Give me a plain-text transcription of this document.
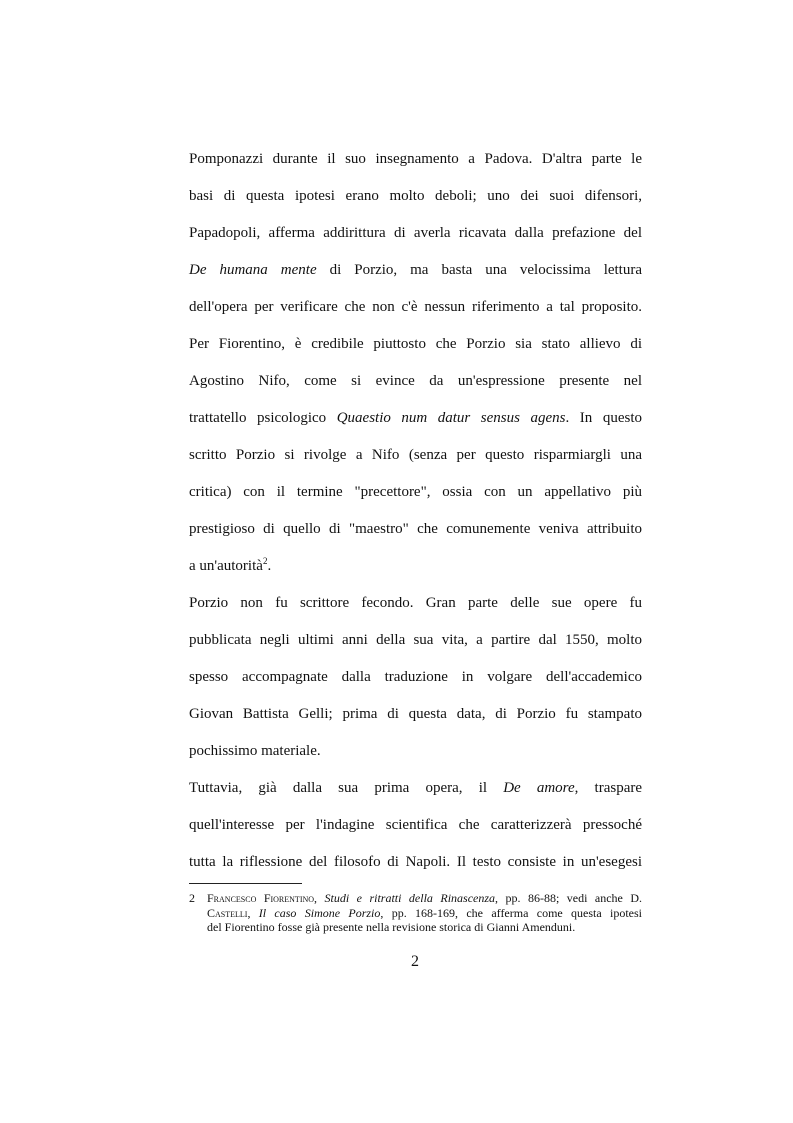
Pomponazzi durante il suo insegnamento a Padova. D'altra parte le
basi di questa ipotesi erano molto deboli; uno dei suoi difensori,
Papadopoli, afferma addirittura di averla ricavata dalla prefazione del
De humana mente di Porzio, ma basta una velocissima lettura
dell'opera per verificare che non c'è nessun riferimento a tal proposito.
Per Fiorentino, è credibile piuttosto che Porzio sia stato allievo di
Agostino Nifo, come si evince da un'espressione presente nel
trattatello psicologico Quaestio num datur sensus agens. In questo
scritto Porzio si rivolge a Nifo (senza per questo risparmiargli una
critica) con il termine "precettore", ossia con un appellativo più
prestigioso di quello di "maestro" che comunemente veniva attribuito
a un'autorità$^2$.
Porzio non fu scrittore fecondo. Gran parte delle sue opere fu
pubblicata negli ultimi anni della sua vita, a partire dal 1550, molto
spesso accompagnate dalla traduzione in volgare dell'accademico
Giovan Battista Gelli; prima di questa data, di Porzio fu stampato
pochissimo materiale.
Tuttavia, già dalla sua prima opera, il De amore, traspare
quell'interesse per l'indagine scientifica che caratterizzerà pressoché
tutta la riflessione del filosofo di Napoli. Il testo consiste in un'esegesi
2	Francesco Fiorentino, Studi e ritratti della Rinascenza, pp. 86-88; vedi anche D.
Castelli, Il caso Simone Porzio, pp. 168-169, che afferma come questa ipotesi
del Fiorentino fosse già presente nella revisione storica di Gianni Amenduni.
2
